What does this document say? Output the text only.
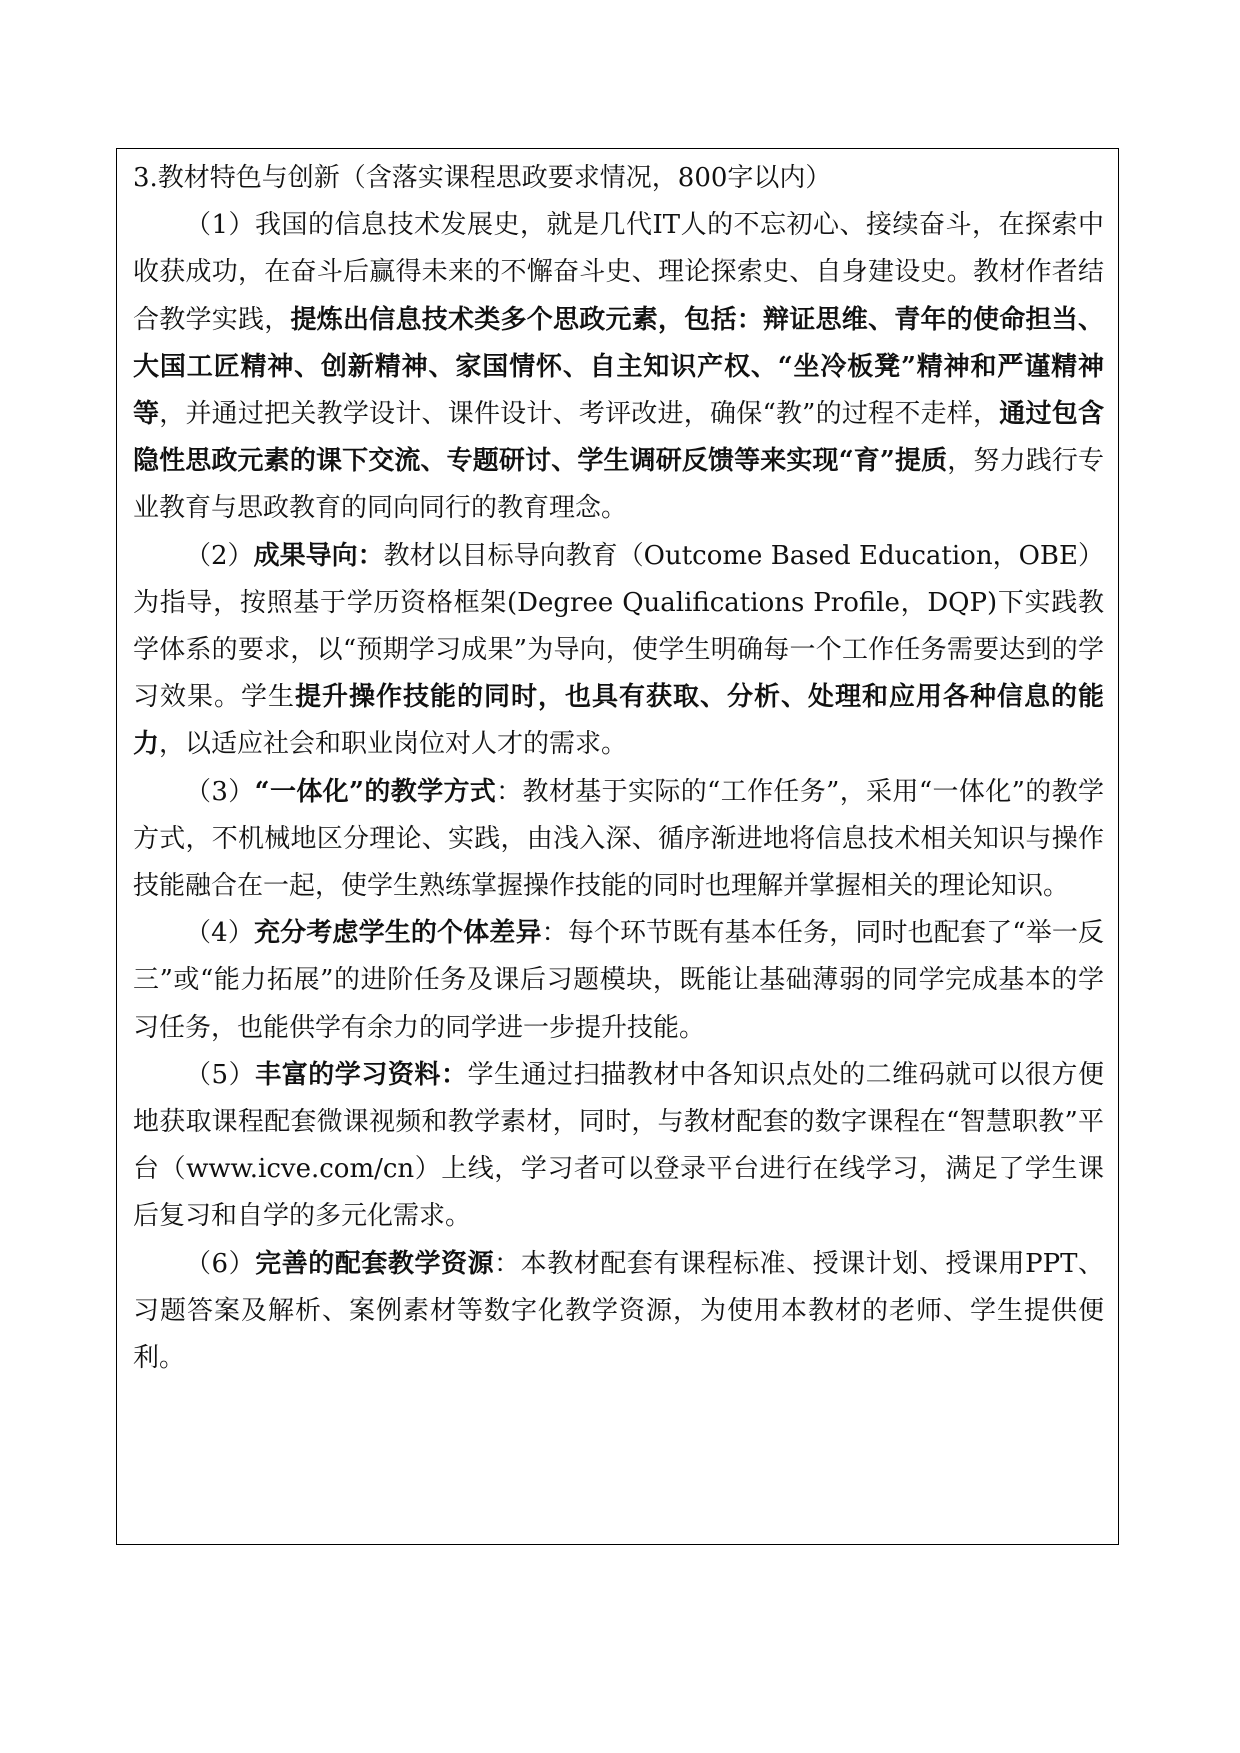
3.教材特色与创新（含落实课程思政要求情况，800字以内）

（1）我国的信息技术发展史，就是几代IT人的不忘初心、接续奋斗，在探索中收获成功，在奋斗后赢得未来的不懈奋斗史、理论探索史、自身建设史。教材作者结合教学实践，提炼出信息技术类多个思政元素，包括：辩证思维、青年的使命担当、大国工匠精神、创新精神、家国情怀、自主知识产权、“坐冷板凳”精神和严谨精神等，并通过把关教学设计、课件设计、考评改进，确保“教”的过程不走样，通过包含隐性思政元素的课下交流、专题研讨、学生调研反馈等来实现“育”提质，努力践行专业教育与思政教育的同向同行的教育理念。

（2）成果导向：教材以目标导向教育（Outcome Based Education，OBE）为指导，按照基于学历资格框架(Degree Qualifications Profile，DQP)下实践教学体系的要求，以“预期学习成果”为导向，使学生明确每一个工作任务需要达到的学习效果。学生提升操作技能的同时，也具有获取、分析、处理和应用各种信息的能力，以适应社会和职业岗位对人才的需求。

（3）“一体化”的教学方式：教材基于实际的“工作任务”，采用“一体化”的教学方式，不机械地区分理论、实践，由浅入深、循序渐进地将信息技术相关知识与操作技能融合在一起，使学生熟练掌握操作技能的同时也理解并掌握相关的理论知识。

（4）充分考虑学生的个体差异：每个环节既有基本任务，同时也配套了“举一反三”或“能力拓展”的进阶任务及课后习题模块，既能让基础薄弱的同学完成基本的学习任务，也能供学有余力的同学进一步提升技能。

（5）丰富的学习资料：学生通过扫描教材中各知识点处的二维码就可以很方便地获取课程配套微课视频和教学素材，同时，与教材配套的数字课程在“智慧职教”平台（www.icve.com/cn）上线，学习者可以登录平台进行在线学习，满足了学生课后复习和自学的多元化需求。

（6）完善的配套教学资源：本教材配套有课程标准、授课计划、授课用PPT、习题答案及解析、案例素材等数字化教学资源，为使用本教材的老师、学生提供便利。
